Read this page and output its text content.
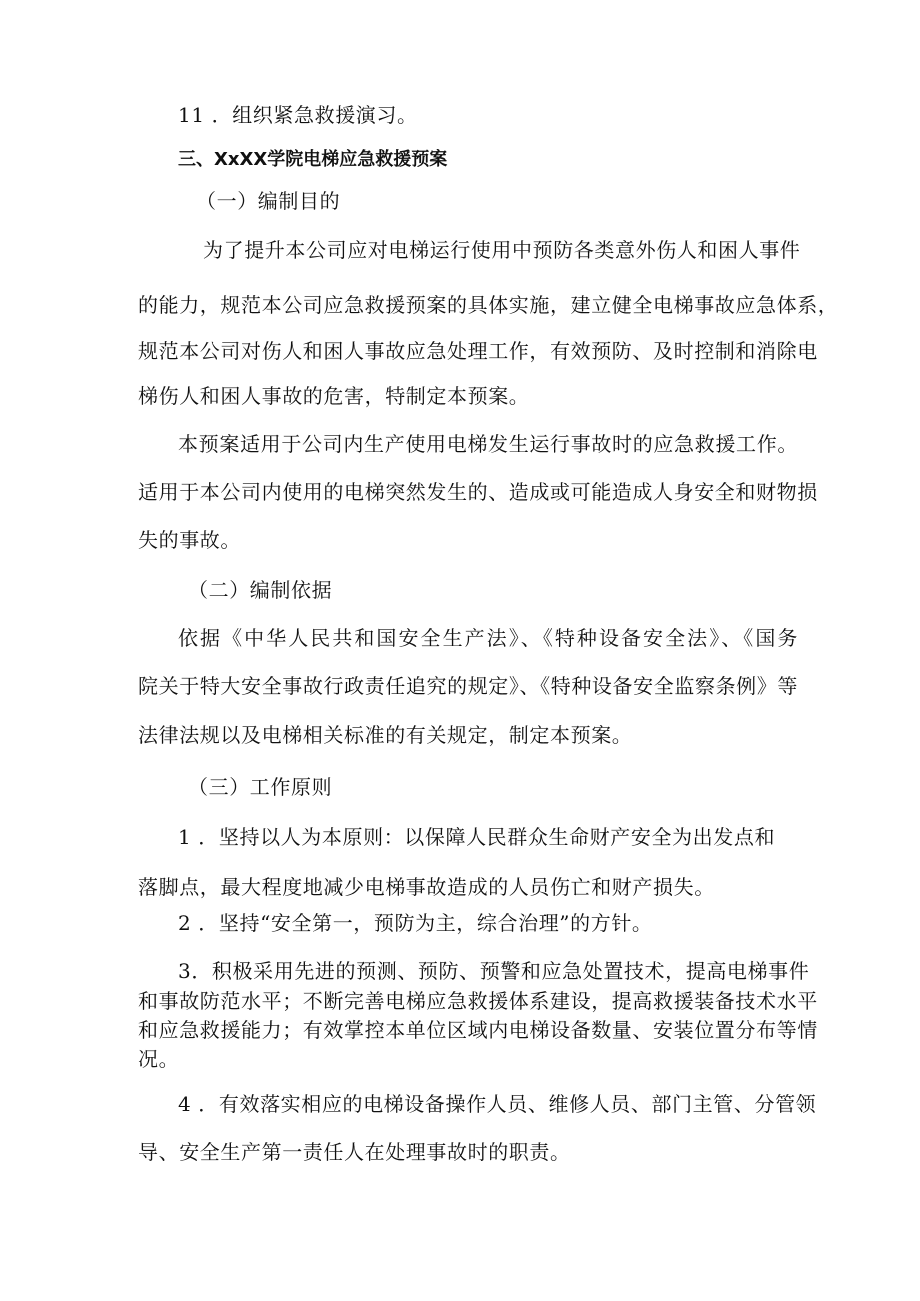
11 ．组织紧急救援演习。

三、XxXX学院电梯应急救援预案

（一）编制目的

为了提升本公司应对电梯运行使用中预防各类意外伤人和困人事件

的能力，规范本公司应急救援预案的具体实施，建立健全电梯事故应急体系，

规范本公司对伤人和困人事故应急处理工作，有效预防、及时控制和消除电

梯伤人和困人事故的危害，特制定本预案。

本预案适用于公司内生产使用电梯发生运行事故时的应急救援工作。

适用于本公司内使用的电梯突然发生的、造成或可能造成人身安全和财物损

失的事故。

（二）编制依据

依据《中华人民共和国安全生产法》、《特种设备安全法》、《国务

院关于特大安全事故行政责任追究的规定》、《特种设备安全监察条例》等

法律法规以及电梯相关标准的有关规定，制定本预案。

（三）工作原则

1 ．坚持以人为本原则：以保障人民群众生命财产安全为出发点和

落脚点，最大程度地减少电梯事故造成的人员伤亡和财产损失。

2 ．坚持“安全第一，预防为主，综合治理”的方针。

3．积极采用先进的预测、预防、预警和应急处置技术，提高电梯事件

和事故防范水平；不断完善电梯应急救援体系建设，提高救援装备技术水平

和应急救援能力；有效掌控本单位区域内电梯设备数量、安装位置分布等情

况。

4 ．有效落实相应的电梯设备操作人员、维修人员、部门主管、分管领

导、安全生产第一责任人在处理事故时的职责。
